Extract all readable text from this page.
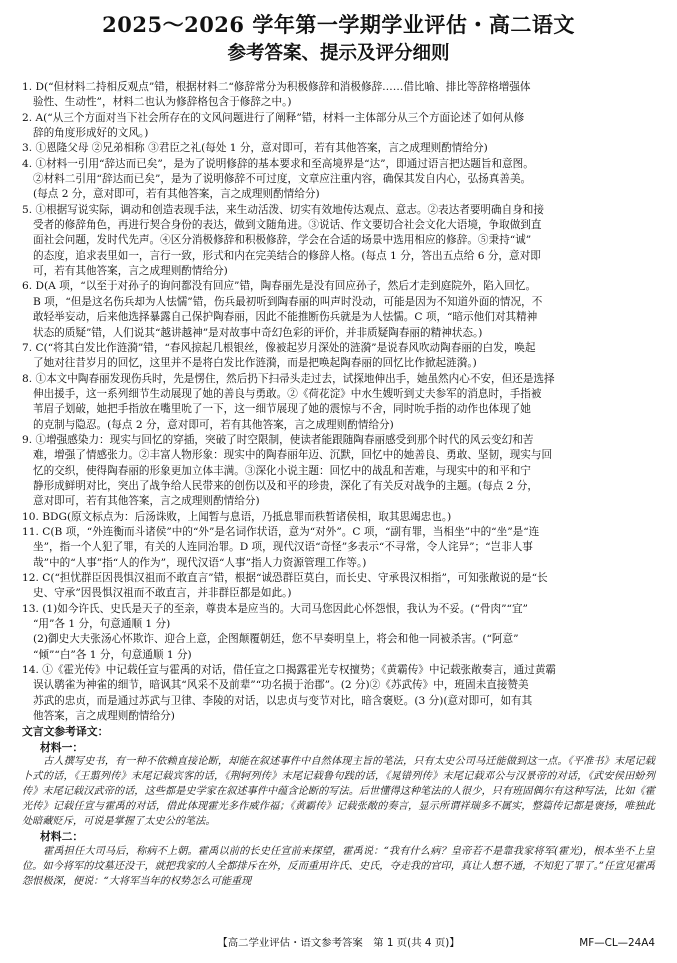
2025～2026 学年第一学期学业评估・高二语文
参考答案、提示及评分细则

1. D(“但材料二持相反观点”错，根据材料二“修辞常分为积极修辞和消极修辞……借比喻、排比等辞格增强体

验性、生动性”，材料二也认为修辞格包含于修辞之中。)

2. A(“从三个方面对当下社会所存在的文风问题进行了阐释”错，材料一主体部分从三个方面论述了如何从修

辞的角度形成好的文风。)

3. ①恩隆父母 ②兄弟相称 ③君臣之礼(每处 1 分，意对即可，若有其他答案，言之成理则酌情给分)

4. ①材料一引用“辞达而已矣”，是为了说明修辞的基本要求和至高境界是“达”，即通过语言把达题旨和意图。

②材料二引用“辞达而已矣”，是为了说明修辞不可过度，文章应注重内容，确保其发自内心，弘扬真善美。

(每点 2 分，意对即可，若有其他答案，言之成理则酌情给分)

5. ①根据写说实际，调动和创造表现手法，来生动活泼、切实有效地传达观点、意志。②表达者要明确自身和接

受者的修辞角色，再进行契合身份的表达，做到文随角进。③说话、作文要切合社会文化大语境，争取做到直

面社会问题，发时代先声。④区分消极修辞和积极修辞，学会在合适的场景中选用相应的修辞。⑤秉持“诚”

的态度，追求表里如一，言行一致，形式和内在完美结合的修辞人格。(每点 1 分，答出五点给 6 分，意对即

可，若有其他答案，言之成理则酌情给分)

6. D(A 项，“以至于对孙子的询问都没有回应”错，陶春丽先是没有回应孙子，然后才走到庭院外，陷入回忆。

B 项，“但是这名伤兵却为人怯懦”错，伤兵最初听到陶春丽的叫声时没动，可能是因为不知道外面的情况，不

敢轻举妄动，后来他选择暴露自己保护陶春丽，因此不能推断伤兵就是为人怯懦。C 项，“暗示他们对其精神

状态的质疑”错，人们说其“越讲越神”是对故事中奇幻色彩的评价，并非质疑陶春丽的精神状态。)

7. C(“将其白发比作涟漪”错，“春风掠起几根银丝，像被起岁月深处的涟漪”是说春风吹动陶春丽的白发，唤起

了她对往昔岁月的回忆，这里并不是将白发比作涟漪，而是把唤起陶春丽的回忆比作掀起涟漪。)

8. ①本文中陶春丽发现伤兵时，先是愣住，然后扔下扫帚头走过去，试探地伸出手，她虽然内心不安，但还是选择

伸出援手，这一系列细节生动展现了她的善良与勇敢。②《荷花淀》中水生嫂听到丈夫参军的消息时，手指被

苇眉子划破，她把手指放在嘴里吮了一下，这一细节展现了她的震惊与不舍，同时吮手指的动作也体现了她

的克制与隐忍。(每点 2 分，意对即可，若有其他答案，言之成理则酌情给分)

9. ①增强感染力：现实与回忆的穿插，突破了时空限制，使读者能跟随陶春丽感受到那个时代的风云变幻和苦

难，增强了情感张力。②丰富人物形象：现实中的陶春丽年迈、沉默，回忆中的她善良、勇敢、坚韧，现实与回

忆的交织，使得陶春丽的形象更加立体丰满。③深化小说主题：回忆中的战乱和苦难，与现实中的和平和宁

静形成鲜明对比，突出了战争给人民带来的创伤以及和平的珍贵，深化了有关反对战争的主题。(每点 2 分，

意对即可，若有其他答案，言之成理则酌情给分)

10. BDG(原文标点为：后汤诛败，上闻暂与息语，乃抵息罪而秩暂诸侯相，取其思竭忠也。)

11. C(B 项，“外连衡而斗诸侯”中的“外”是名词作状语，意为“对外”。C 项，“副有罪，当相坐”中的“坐”是“连

坐”，指一个人犯了罪，有关的人连同治罪。D 项，现代汉语“奇怪”多表示“不寻常，令人诧异”；“岂非人事

哉”中的“人事”指“人的作为”，现代汉语“人事”指人力资源管理工作等。)

12. C(“担忧群臣因畏惧汉祖而不敢直言”错，根据“诚恐群臣莫白，而长史、守承畏汉相指”，可知张敞说的是“长

史、守承”因畏惧汉祖而不敢直言，并非群臣都是如此。)

13. (1)如今许氏、史氏是天子的至亲，尊贵本是应当的。大司马您因此心怀怨恨，我认为不妥。(“骨肉”“宜”

“用”各 1 分，句意通顺 1 分)

(2)御史大夫张汤心怀欺诈、迎合上意，企图颠覆朝廷，您不早奏明皇上，将会和他一同被杀害。(“阿意”

“倾”“白”各 1 分，句意通顺 1 分)

14. ①《霍光传》中记载任宣与霍禹的对话，借任宣之口揭露霍光专权擅势；《黄霸传》中记载张敞奏言，通过黄霸

误认鹖雀为神雀的细节，暗讽其“风采不及前辈”“功名损于治郡”。(2 分)②《苏武传》中，班固未直接赞美

苏武的忠贞，而是通过苏武与卫律、李陵的对话，以忠贞与变节对比，暗含褒贬。(3 分)(意对即可，如有其

他答案，言之成理则酌情给分)

文言文参考译文：
材料一：

古人撰写史书，有一种不依赖直接论断，却能在叙述事件中自然体现主旨的笔法，只有太史公司马迁能做到这一点。《平准书》末尾记载卜式的话，《王翦列传》末尾记载宾客的话，《荆轲列传》末尾记载鲁句践的话，《晁错列传》末尾记载邓公与汉景帝的对话，《武安侯田蚡列传》末尾记载汉武帝的话，这些都是史学家在叙述事件中蕴含论断的写法。后世懂得这种笔法的人很少，只有班固偶尔有这种写法，比如《霍光传》记载任宣与霍禹的对话，借此体现霍光多作威作福；《黄霸传》记载张敞的奏言，显示所谓祥瑞多不属实，整篇传记都是褒扬，唯独此处暗藏贬斥，可说是掌握了太史公的笔法。

材料二：

霍禹担任大司马后，称病不上朝。霍禹以前的长史任宣前来探望，霍禹说：“我有什么病？皇帝若不是靠我家将军(霍光)，根本坐不上皇位。如今将军的坟墓还没干，就把我家的人全都排斥在外，反而重用许氏、史氏，夺走我的官印，真让人想不通，不知犯了罪了。”任宣见霍禹怨恨极深，便说：“大将军当年的权势怎么可能重现

【高二学业评估・语文参考答案　第 1 页(共 4 页)】	MF—CL—24A4
